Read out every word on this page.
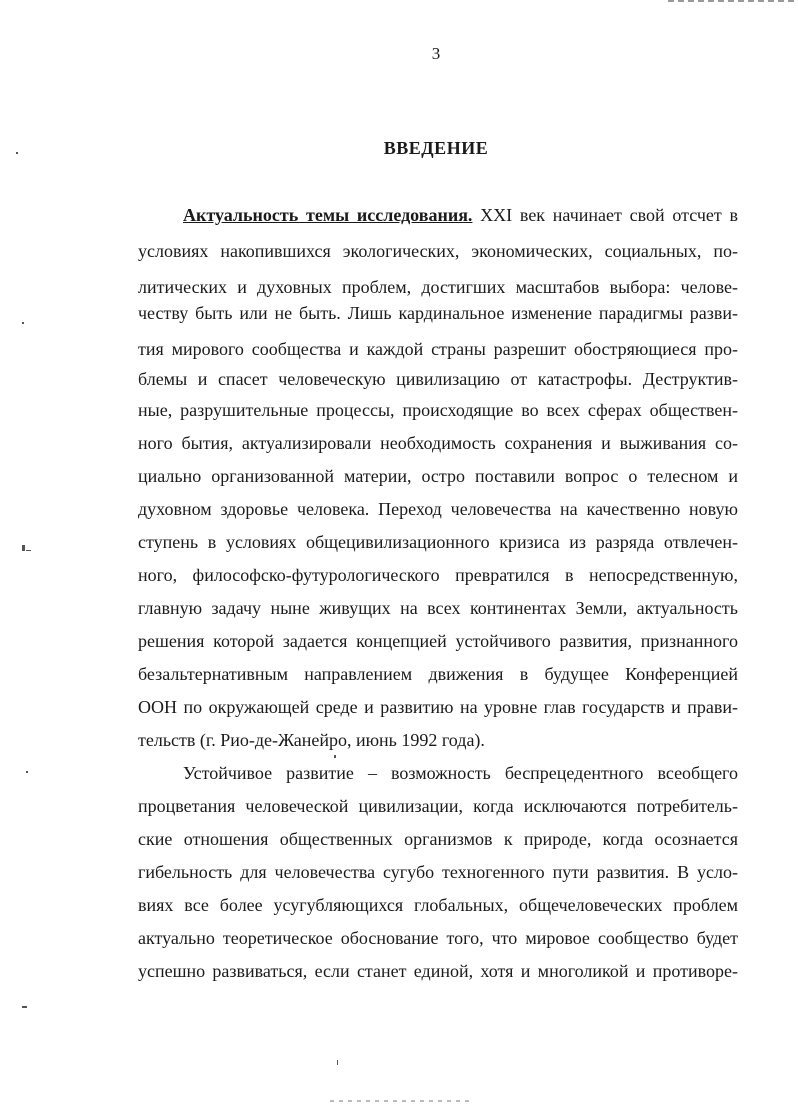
3
ВВЕДЕНИЕ
Актуальность темы исследования. XXI век начинает свой отсчет в
условиях накопившихся экологических, экономических, социальных, по-
литических и духовных проблем, достигших масштабов выбора: челове-
честву быть или не быть. Лишь кардинальное изменение парадигмы разви-
тия мирового сообщества и каждой страны разрешит обостряющиеся про-
блемы и спасет человеческую цивилизацию от катастрофы. Деструктив-
ные, разрушительные процессы, происходящие во всех сферах обществен-
ного бытия, актуализировали необходимость сохранения и выживания со-
циально организованной материи, остро поставили вопрос о телесном и
духовном здоровье человека. Переход человечества на качественно новую
ступень в условиях общецивилизационного кризиса из разряда отвлечен-
ного, философско-футурологического превратился в непосредственную,
главную задачу ныне живущих на всех континентах Земли, актуальность
решения которой задается концепцией устойчивого развития, признанного
безальтернативным направлением движения в будущее Конференцией
ООН по окружающей среде и развитию на уровне глав государств и прави-
тельств (г. Рио-де-Жанейро, июнь 1992 года).
Устойчивое развитие – возможность беспрецедентного всеобщего
процветания человеческой цивилизации, когда исключаются потребитель-
ские отношения общественных организмов к природе, когда осознается
гибельность для человечества сугубо техногенного пути развития. В усло-
виях все более усугубляющихся глобальных, общечеловеческих проблем
актуально теоретическое обоснование того, что мировое сообщество будет
успешно развиваться, если станет единой, хотя и многоликой и противоре-
